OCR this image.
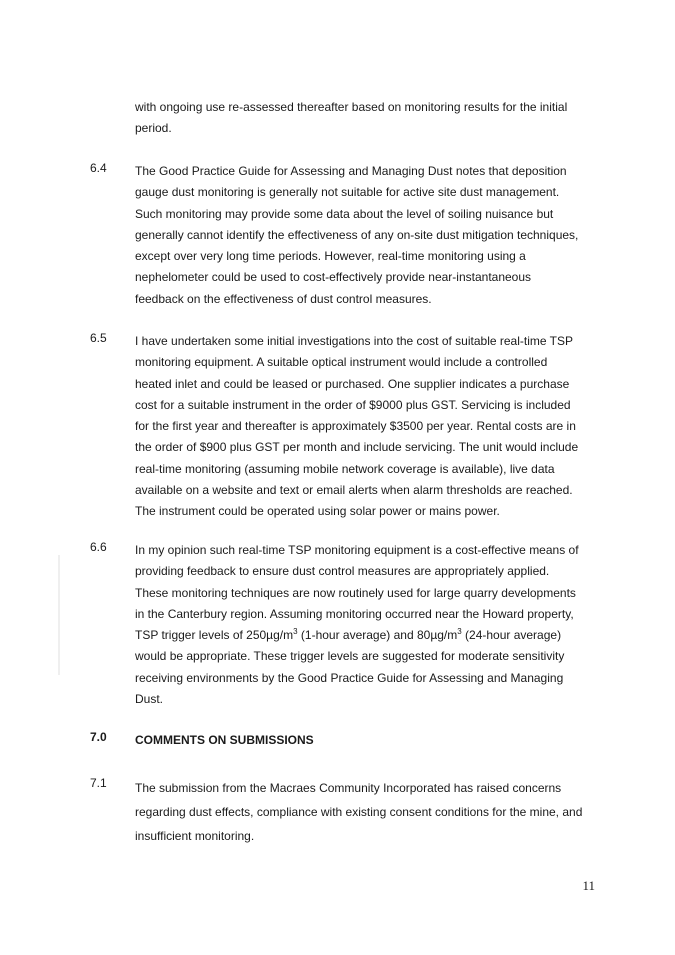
with ongoing use re-assessed thereafter based on monitoring results for the initial
period.
6.4	The Good Practice Guide for Assessing and Managing Dust notes that deposition
gauge dust monitoring is generally not suitable for active site dust management.
Such monitoring may provide some data about the level of soiling nuisance but
generally cannot identify the effectiveness of any on-site dust mitigation techniques,
except over very long time periods. However, real-time monitoring using a
nephelometer could be used to cost-effectively provide near-instantaneous
feedback on the effectiveness of dust control measures.
6.5	I have undertaken some initial investigations into the cost of suitable real-time TSP
monitoring equipment. A suitable optical instrument would include a controlled
heated inlet and could be leased or purchased. One supplier indicates a purchase
cost for a suitable instrument in the order of $9000 plus GST. Servicing is included
for the first year and thereafter is approximately $3500 per year. Rental costs are in
the order of $900 plus GST per month and include servicing. The unit would include
real-time monitoring (assuming mobile network coverage is available), live data
available on a website and text or email alerts when alarm thresholds are reached.
The instrument could be operated using solar power or mains power.
6.6	In my opinion such real-time TSP monitoring equipment is a cost-effective means of
providing feedback to ensure dust control measures are appropriately applied.
These monitoring techniques are now routinely used for large quarry developments
in the Canterbury region. Assuming monitoring occurred near the Howard property,
TSP trigger levels of $250\mu g/m^3$ (1-hour average) and $80\mu g/m^3$ (24-hour average)
would be appropriate. These trigger levels are suggested for moderate sensitivity
receiving environments by the Good Practice Guide for Assessing and Managing
Dust.
7.0	COMMENTS ON SUBMISSIONS
7.1	The submission from the Macraes Community Incorporated has raised concerns
regarding dust effects, compliance with existing consent conditions for the mine, and
insufficient monitoring.
11
